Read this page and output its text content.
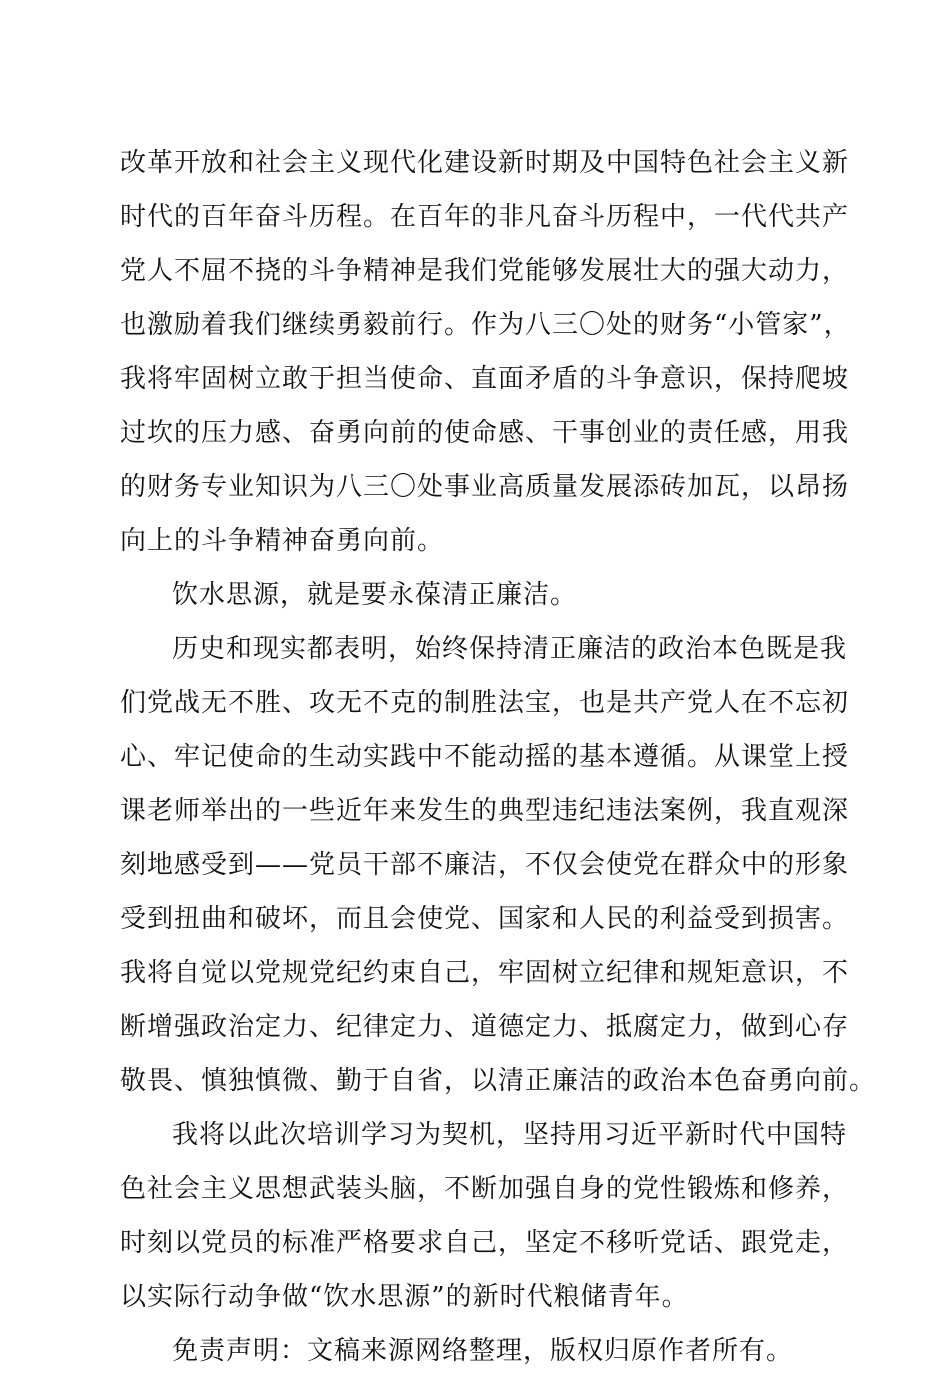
改革开放和社会主义现代化建设新时期及中国特色社会主义新
时代的百年奋斗历程。在百年的非凡奋斗历程中，一代代共产
党人不屈不挠的斗争精神是我们党能够发展壮大的强大动力，
也激励着我们继续勇毅前行。作为八三〇处的财务“小管家”，
我将牢固树立敢于担当使命、直面矛盾的斗争意识，保持爬坡
过坎的压力感、奋勇向前的使命感、干事创业的责任感，用我
的财务专业知识为八三〇处事业高质量发展添砖加瓦，以昂扬
向上的斗争精神奋勇向前。
饮水思源，就是要永葆清正廉洁。
历史和现实都表明，始终保持清正廉洁的政治本色既是我
们党战无不胜、攻无不克的制胜法宝，也是共产党人在不忘初
心、牢记使命的生动实践中不能动摇的基本遵循。从课堂上授
课老师举出的一些近年来发生的典型违纪违法案例，我直观深
刻地感受到——党员干部不廉洁，不仅会使党在群众中的形象
受到扭曲和破坏，而且会使党、国家和人民的利益受到损害。
我将自觉以党规党纪约束自己，牢固树立纪律和规矩意识，不
断增强政治定力、纪律定力、道德定力、抵腐定力，做到心存
敬畏、慎独慎微、勤于自省，以清正廉洁的政治本色奋勇向前。
我将以此次培训学习为契机，坚持用习近平新时代中国特
色社会主义思想武装头脑，不断加强自身的党性锻炼和修养，
时刻以党员的标准严格要求自己，坚定不移听党话、跟党走，
以实际行动争做“饮水思源”的新时代粮储青年。
免责声明：文稿来源网络整理，版权归原作者所有。
